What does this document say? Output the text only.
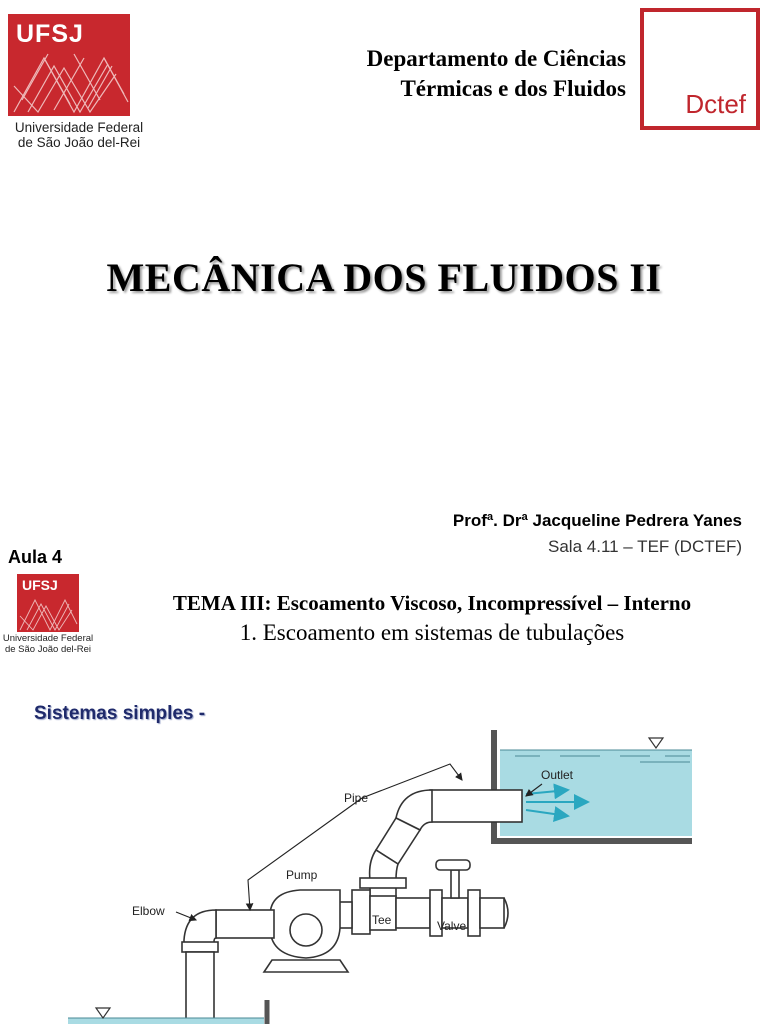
UFSJ
Universidade Federal
de São João del-Rei
Departamento de Ciências
Térmicas e dos Fluidos
Dctef
MECÂNICA DOS FLUIDOS II
Profª. Drª Jacqueline Pedrera Yanes
Sala 4.11 – TEF (DCTEF)
Aula 4
UFSJ
Universidade Federal
de São João del-Rei
TEMA III: Escoamento Viscoso, Incompressível – Interno
1. Escoamento em sistemas de tubulações
Sistemas simples -
Pipe
Outlet
Pump
Elbow
Tee	Valve
